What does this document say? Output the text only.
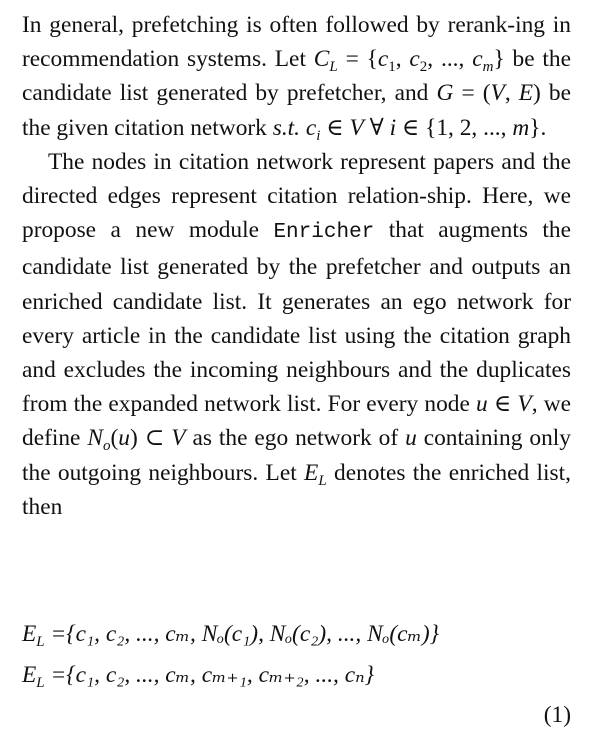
In general, prefetching is often followed by rerank-ing in recommendation systems. Let $C_L = \{c_1$, $c_2$, ..., $c_m$} be the candidate list generated by prefetcher, and G = (V, E) be the given citation network s.t. $c_i$ ∈ V ∀ i ∈ {1, 2, ..., m}.

The nodes in citation network represent papers and the directed edges represent citation relation-ship. Here, we propose a new module Enricher that augments the candidate list generated by the prefetcher and outputs an enriched candidate list. It generates an ego network for every article in the candidate list using the citation graph and excludes the incoming neighbours and the duplicates from the expanded network list. For every node u ∈ V, we define $N_o(u)$ ⊂ V as the ego network of u containing only the outgoing neighbours. Let $E_L$ denotes the enriched list, then

$E_L =\{c_1$, c₂, ..., cₘ, Nₒ(c₁), Nₒ(c₂), ..., Nₒ(cₘ)}
$E_L =\{c_1$, c₂, ..., cₘ, cₘ₊₁, cₘ₊₂, ..., cₙ}
(1)
